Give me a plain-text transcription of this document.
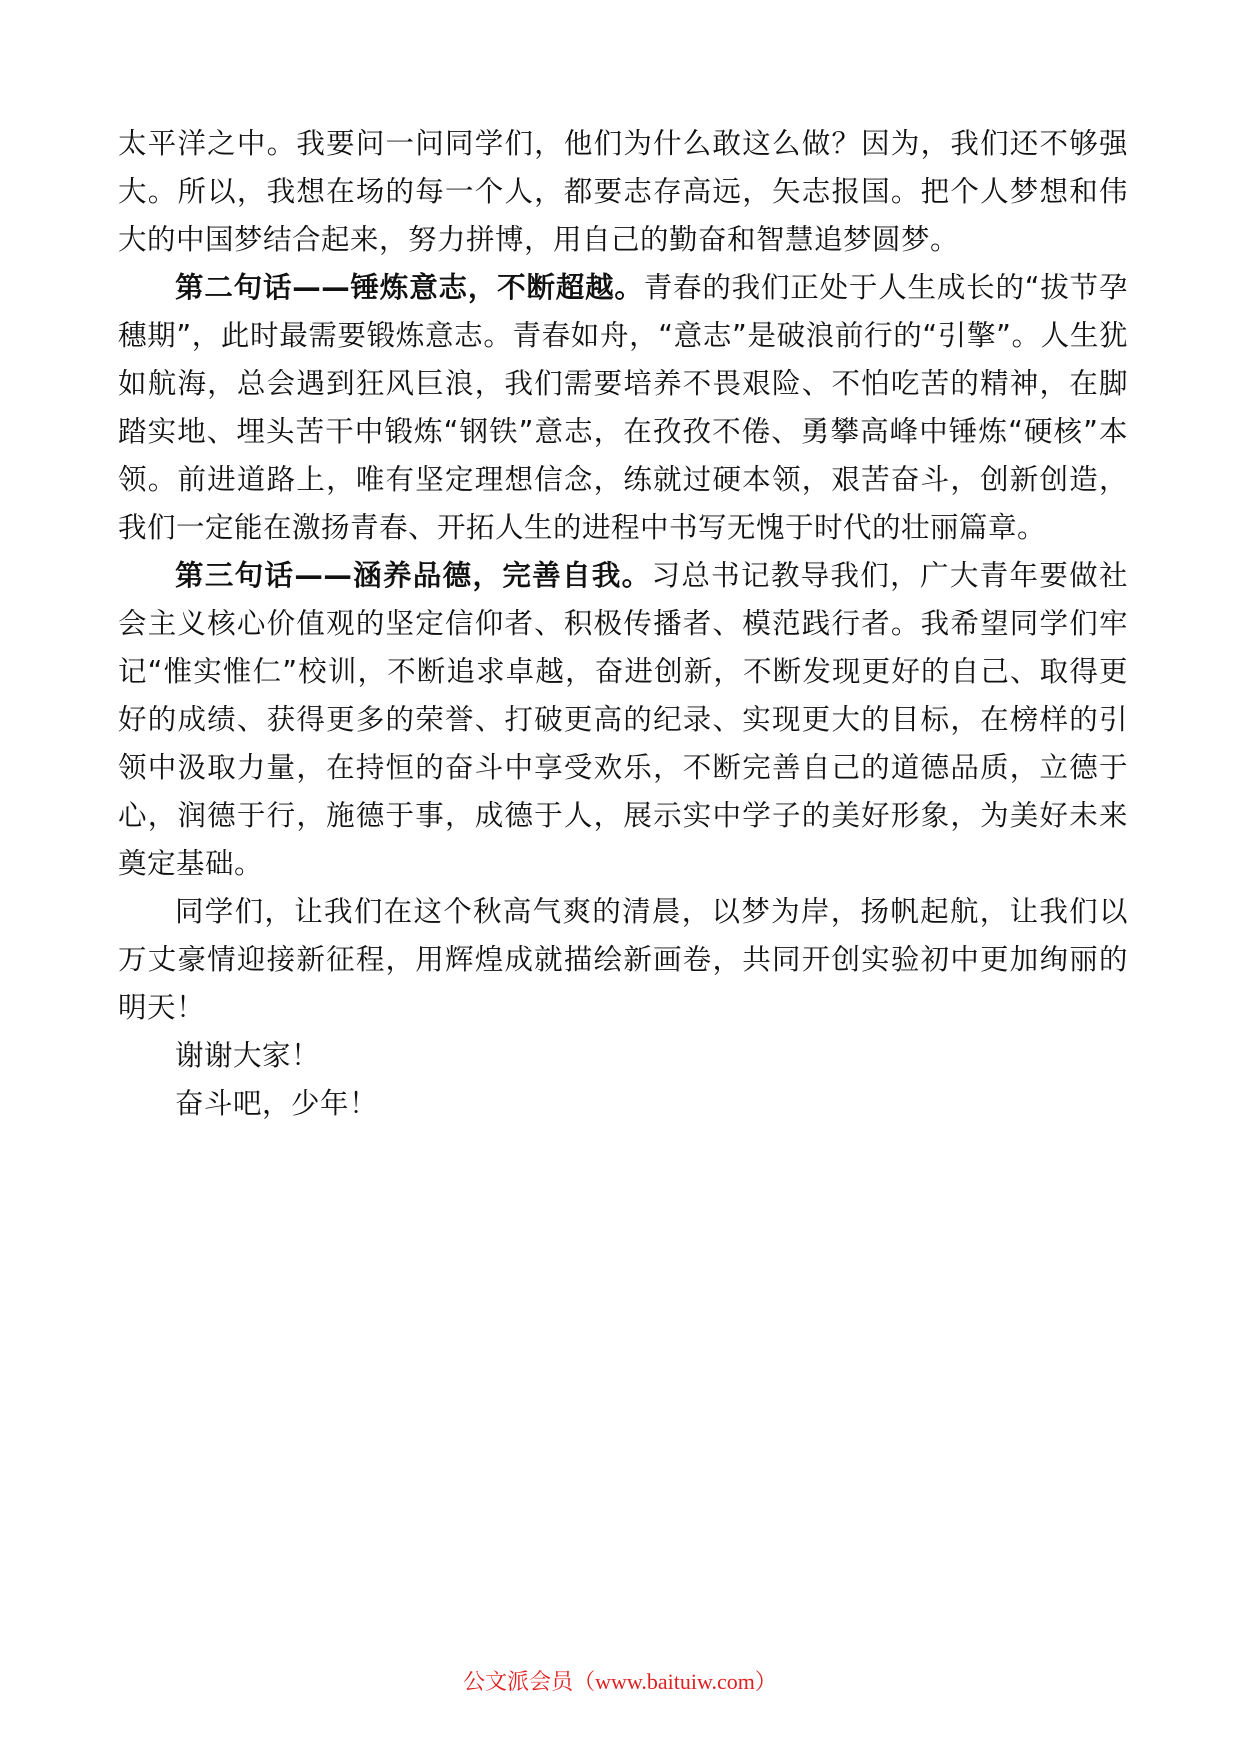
太平洋之中。我要问一问同学们，他们为什么敢这么做？因为，我们还不够强大。所以，我想在场的每一个人，都要志存高远，矢志报国。把个人梦想和伟大的中国梦结合起来，努力拼博，用自己的勤奋和智慧追梦圆梦。

第二句话——锤炼意志，不断超越。青春的我们正处于人生成长的“拔节孕穗期”，此时最需要锻炼意志。青春如舟，“意志”是破浪前行的“引擎”。人生犹如航海，总会遇到狂风巨浪，我们需要培养不畏艰险、不怕吃苦的精神，在脚踏实地、埋头苦干中锻炼“钢铁”意志，在孜孜不倦、勇攀高峰中锤炼“硬核”本领。前进道路上，唯有坚定理想信念，练就过硬本领，艰苦奋斗，创新创造，我们一定能在激扬青春、开拓人生的进程中书写无愧于时代的壮丽篇章。

第三句话——涵养品德，完善自我。习总书记教导我们，广大青年要做社会主义核心价值观的坚定信仰者、积极传播者、模范践行者。我希望同学们牢记“惟实惟仁”校训，不断追求卓越，奋进创新，不断发现更好的自己、取得更好的成绩、获得更多的荣誉、打破更高的纪录、实现更大的目标，在榜样的引领中汲取力量，在持恒的奋斗中享受欢乐，不断完善自己的道德品质，立德于心，润德于行，施德于事，成德于人，展示实中学子的美好形象，为美好未来奠定基础。

同学们，让我们在这个秋高气爽的清晨，以梦为岸，扬帆起航，让我们以万丈豪情迎接新征程，用辉煌成就描绘新画卷，共同开创实验初中更加绚丽的明天！

谢谢大家！

奋斗吧，少年！

公文派会员（www.baituiw.com）
